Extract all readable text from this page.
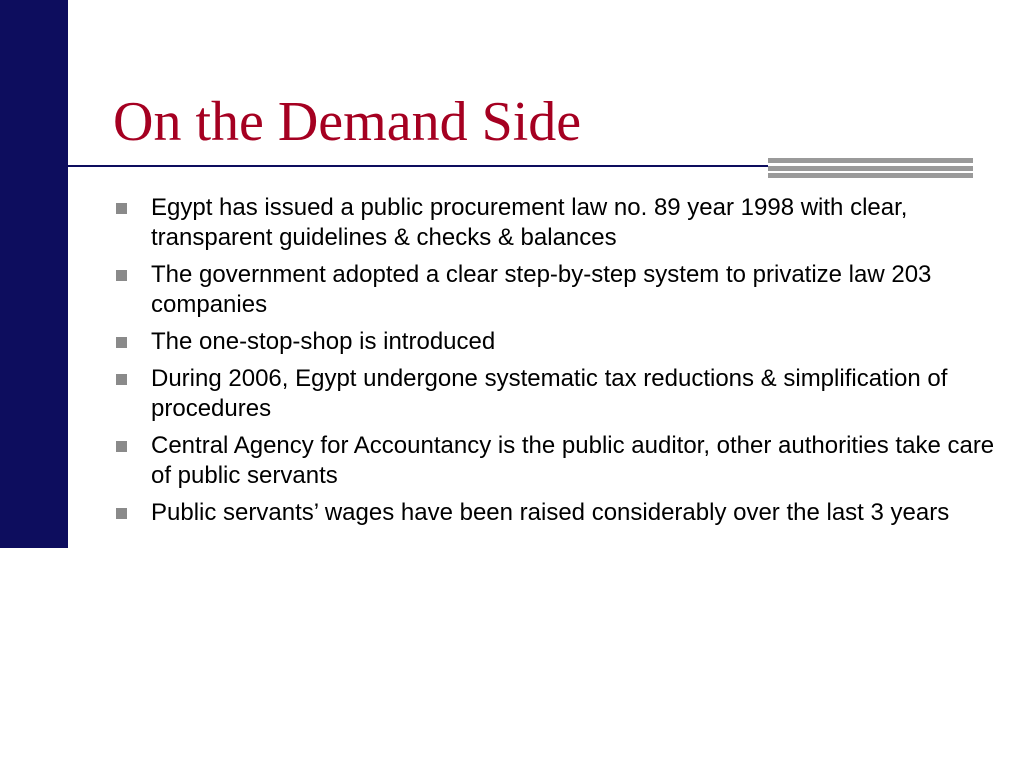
On the Demand Side
Egypt has issued a public procurement law no. 89 year 1998 with clear, transparent guidelines & checks & balances
The government adopted a clear step-by-step system to privatize law 203 companies
The one-stop-shop is introduced
During 2006, Egypt undergone systematic tax reductions & simplification of procedures
Central Agency for Accountancy is the public auditor, other authorities take care of public servants
Public servants’ wages have been raised considerably over the last 3 years
